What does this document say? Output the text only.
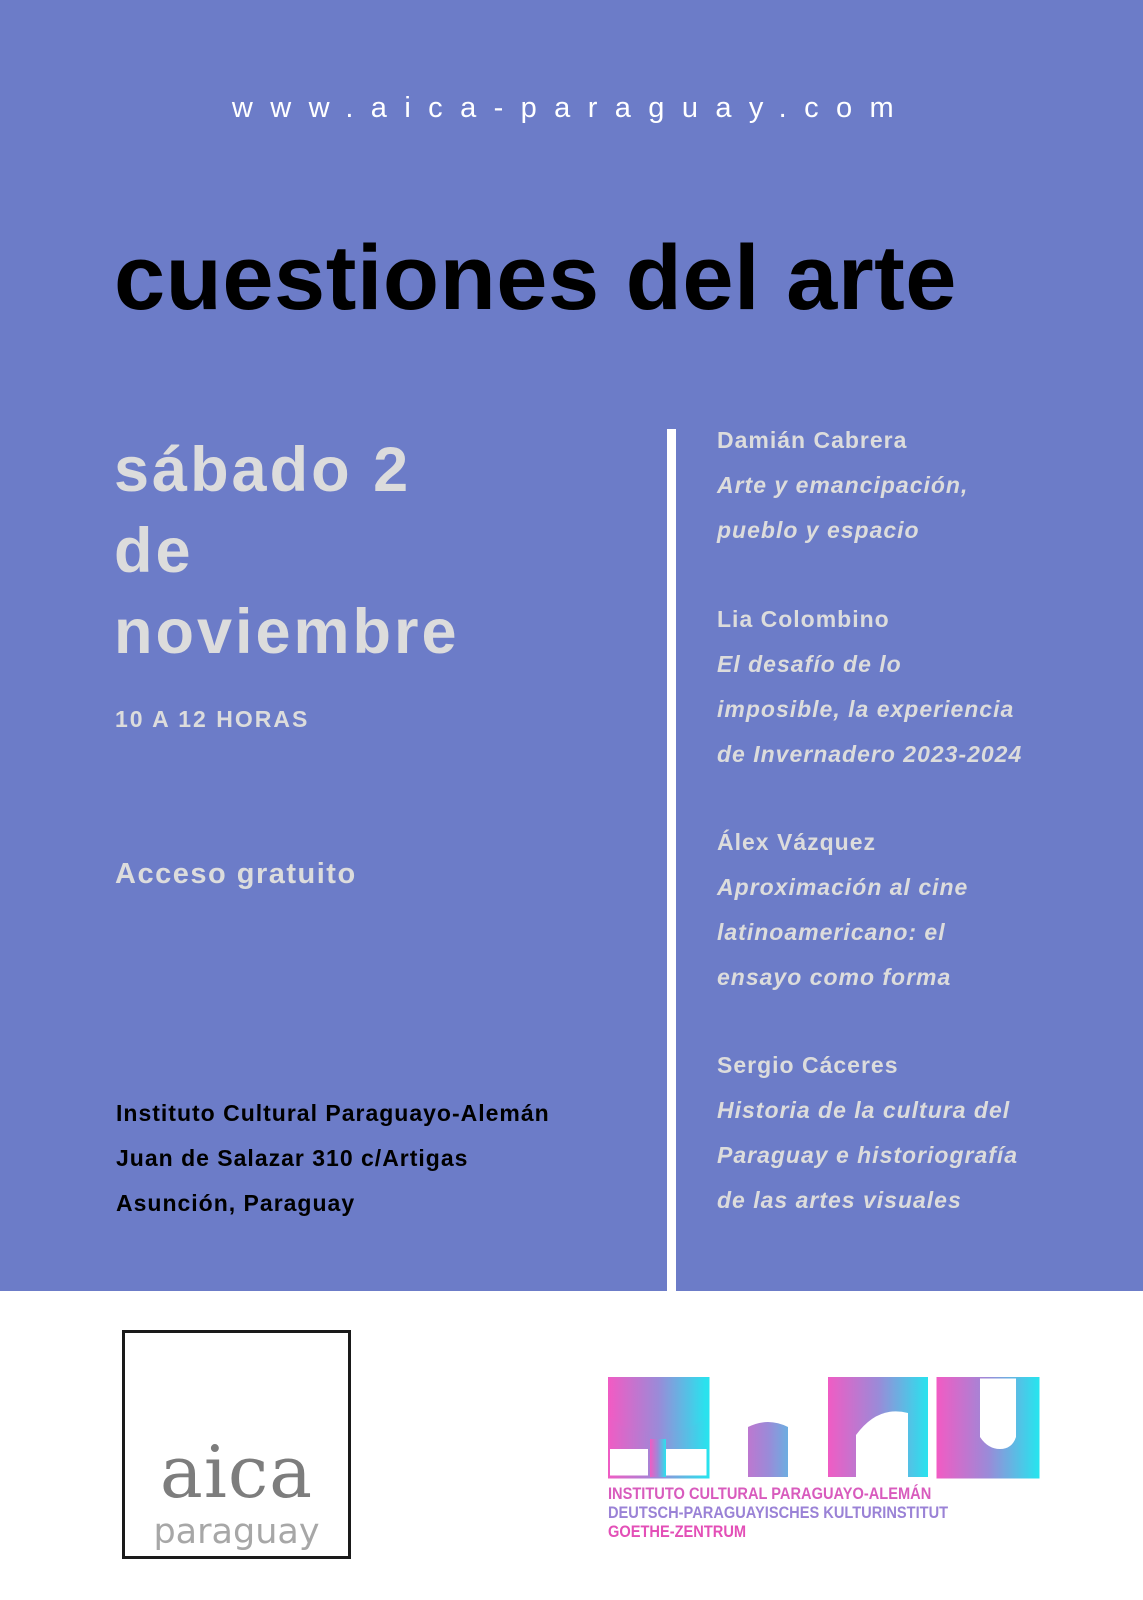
www.aica-paraguay.com
cuestiones del arte
sábado 2
de
noviembre
10 A 12 HORAS
Acceso gratuito
Instituto Cultural Paraguayo-Alemán
Juan de Salazar 310 c/Artigas
Asunción, Paraguay
Damián Cabrera
Arte y emancipación,
pueblo y espacio
Lia Colombino
El desafío de lo
imposible, la experiencia
de Invernadero 2023-2024
Álex Vázquez
Aproximación al cine
latinoamericano: el
ensayo como forma
Sergio Cáceres
Historia de la cultura del
Paraguay e historiografía
de las artes visuales
aica
paraguay
INSTITUTO CULTURAL PARAGUAYO-ALEMÁN
DEUTSCH-PARAGUAYISCHES KULTURINSTITUT
GOETHE-ZENTRUM
